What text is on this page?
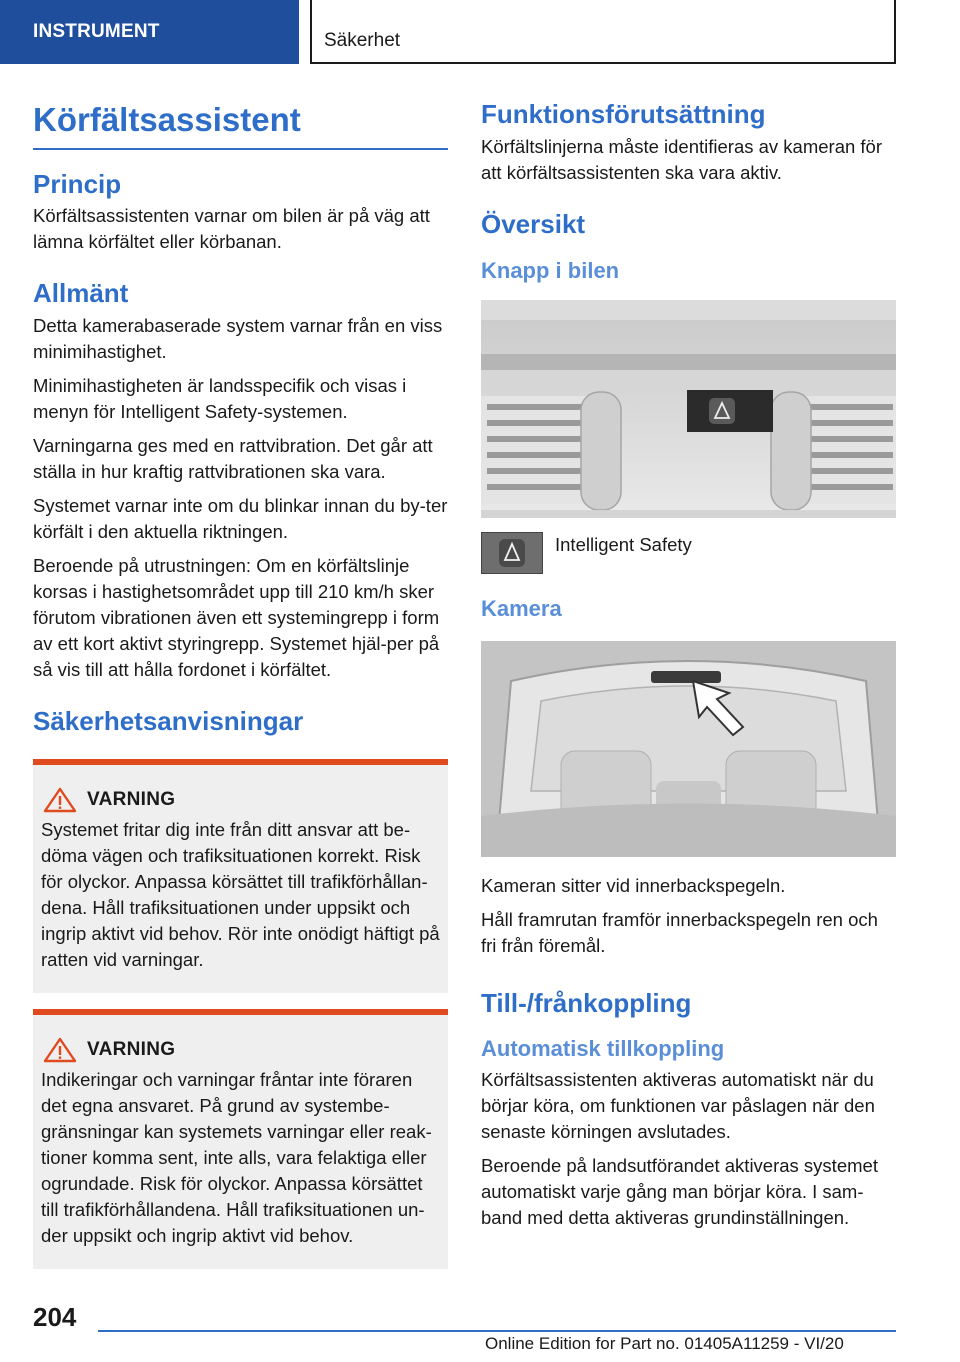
INSTRUMENT	Säkerhet
Körfältsassistent
Princip

Körfältsassistenten varnar om bilen är på väg att lämna körfältet eller körbanan.

Allmänt

Detta kamerabaserade system varnar från en viss minimihastighet.

Minimihastigheten är landsspecifik och visas i menyn för Intelligent Safety-systemen.

Varningarna ges med en rattvibration. Det går att ställa in hur kraftig rattvibrationen ska vara.

Systemet varnar inte om du blinkar innan du by-ter körfält i den aktuella riktningen.

Beroende på utrustningen: Om en körfältslinje korsas i hastighetsområdet upp till 210 km/h sker förutom vibrationen även ett systemingrepp i form av ett kort aktivt styringrepp. Systemet hjäl-per på så vis till att hålla fordonet i körfältet.

Säkerhetsanvisningar
VARNING

Systemet fritar dig inte från ditt ansvar att be-döma vägen och trafiksituationen korrekt. Risk för olyckor. Anpassa körsättet till trafikförhållan-dena. Håll trafiksituationen under uppsikt och ingrip aktivt vid behov. Rör inte onödigt häftigt på ratten vid varningar.

VARNING

Indikeringar och varningar fråntar inte föraren det egna ansvaret. På grund av systembe-gränsningar kan systemets varningar eller reak-tioner komma sent, inte alls, vara felaktiga eller ogrundade. Risk för olyckor. Anpassa körsättet till trafikförhållandena. Håll trafiksituationen un-der uppsikt och ingrip aktivt vid behov.

Funktionsförutsättning

Körfältslinjerna måste identifieras av kameran för att körfältsassistenten ska vara aktiv.

Översikt
Knapp i bilen
Intelligent Safety
Kamera

Kameran sitter vid innerbackspegeln.

Håll framrutan framför innerbackspegeln ren och fri från föremål.

Till-/frånkoppling
Automatisk tillkoppling

Körfältsassistenten aktiveras automatiskt när du börjar köra, om funktionen var påslagen när den senaste körningen avslutades.

Beroende på landsutförandet aktiveras systemet automatiskt varje gång man börjar köra. I sam-band med detta aktiveras grundinställningen.

204
Online Edition for Part no. 01405A11259 - VI/20
